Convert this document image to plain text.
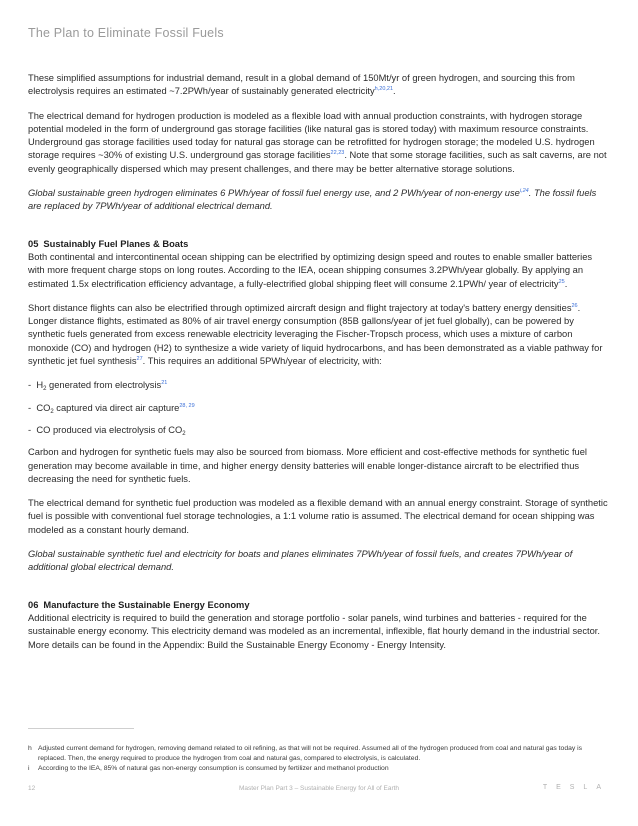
The Plan to Eliminate Fossil Fuels

These simplified assumptions for industrial demand, result in a global demand of 150Mt/yr of green hydrogen, and sourcing this from electrolysis requires an estimated ~7.2PWh/year of sustainably generated electricity$^{h,20,21}$.

The electrical demand for hydrogen production is modeled as a flexible load with annual production constraints, with hydrogen storage potential modeled in the form of underground gas storage facilities (like natural gas is stored today) with maximum resource constraints. Underground gas storage facilities used today for natural gas storage can be retrofitted for hydrogen storage; the modeled U.S. hydrogen storage requires ~30% of existing U.S. underground gas storage facilities$^{22,23}$. Note that some storage facilities, such as salt caverns, are not evenly geographically dispersed which may present challenges, and there may be better alternative storage solutions.

Global sustainable green hydrogen eliminates 6 PWh/year of fossil fuel energy use, and 2 PWh/year of non-energy use$^{i,24}$. The fossil fuels are replaced by 7PWh/year of additional electrical demand.

05 Sustainably Fuel Planes & Boats

Both continental and intercontinental ocean shipping can be electrified by optimizing design speed and routes to enable smaller batteries with more frequent charge stops on long routes. According to the IEA, ocean shipping consumes 3.2PWh/year globally. By applying an estimated 1.5x electrification efficiency advantage, a fully-electrified global shipping fleet will consume 2.1PWh/ year of electricity$^{25}$.

Short distance flights can also be electrified through optimized aircraft design and flight trajectory at today's battery energy densities$^{26}$. Longer distance flights, estimated as 80% of air travel energy consumption (85B gallons/year of jet fuel globally), can be powered by synthetic fuels generated from excess renewable electricity leveraging the Fischer-Tropsch process, which uses a mixture of carbon monoxide (CO) and hydrogen (H2) to synthesize a wide variety of liquid hydrocarbons, and has been demonstrated as a viable pathway for synthetic jet fuel synthesis$^{27}$. This requires an additional 5PWh/year of electricity, with:

- $H_2$ generated from electrolysis$^{21}$
- $CO_2$ captured via direct air capture$^{28, 29}$
- CO produced via electrolysis of $CO_2$

Carbon and hydrogen for synthetic fuels may also be sourced from biomass. More efficient and cost-effective methods for synthetic fuel generation may become available in time, and higher energy density batteries will enable longer-distance aircraft to be electrified thus decreasing the need for synthetic fuels.

The electrical demand for synthetic fuel production was modeled as a flexible demand with an annual energy constraint. Storage of synthetic fuel is possible with conventional fuel storage technologies, a 1:1 volume ratio is assumed. The electrical demand for ocean shipping was modeled as a constant hourly demand.

Global sustainable synthetic fuel and electricity for boats and planes eliminates 7PWh/year of fossil fuels, and creates 7PWh/year of additional global electrical demand.

06 Manufacture the Sustainable Energy Economy

Additional electricity is required to build the generation and storage portfolio - solar panels, wind turbines and batteries - required for the sustainable energy economy. This electricity demand was modeled as an incremental, inflexible, flat hourly demand in the industrial sector. More details can be found in the Appendix: Build the Sustainable Energy Economy - Energy Intensity.

h Adjusted current demand for hydrogen, removing demand related to oil refining, as that will not be required. Assumed all of the hydrogen produced from coal and natural gas today is replaced. Then, the energy required to produce the hydrogen from coal and natural gas, compared to electrolysis, is calculated.
i	According to the IEA, 85% of natural gas non-energy consumption is consumed by fertilizer and methanol production
12	Master Plan Part 3 – Sustainable Energy for All of Earth	TESLA
